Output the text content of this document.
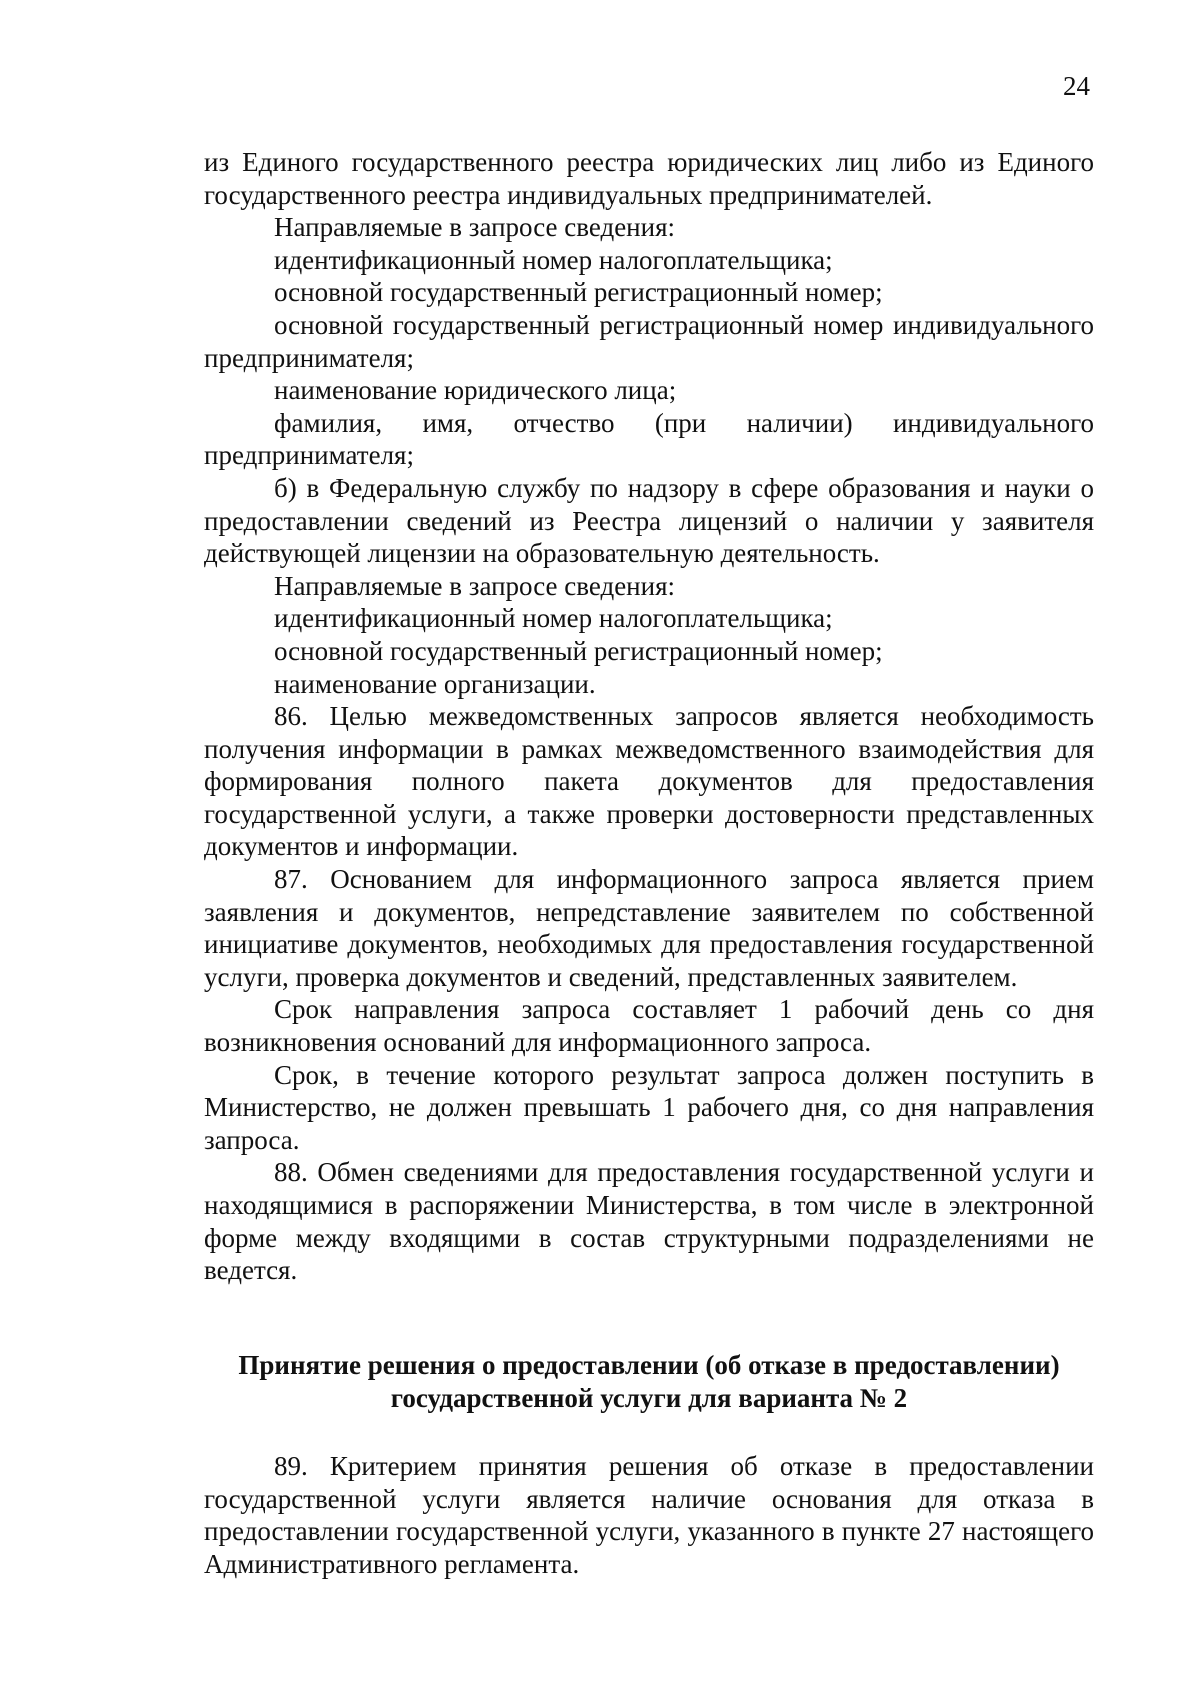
24

из Единого государственного реестра юридических лиц либо из Единого государственного реестра индивидуальных предпринимателей.

Направляемые в запросе сведения:

идентификационный номер налогоплательщика;

основной государственный регистрационный номер;

основной государственный регистрационный номер индивидуального предпринимателя;

наименование юридического лица;

фамилия, имя, отчество (при наличии) индивидуального предпринимателя;

б) в Федеральную службу по надзору в сфере образования и науки о предоставлении сведений из Реестра лицензий о наличии у заявителя действующей лицензии на образовательную деятельность.

Направляемые в запросе сведения:

идентификационный номер налогоплательщика;

основной государственный регистрационный номер;

наименование организации.

86. Целью межведомственных запросов является необходимость получения информации в рамках межведомственного взаимодействия для формирования полного пакета документов для предоставления государственной услуги, а также проверки достоверности представленных документов и информации.

87. Основанием для информационного запроса является прием заявления и документов, непредставление заявителем по собственной инициативе документов, необходимых для предоставления государственной услуги, проверка документов и сведений, представленных заявителем.

Срок направления запроса составляет 1 рабочий день со дня возникновения оснований для информационного запроса.

Срок, в течение которого результат запроса должен поступить в Министерство, не должен превышать 1 рабочего дня, со дня направления запроса.

88. Обмен сведениями для предоставления государственной услуги и находящимися в распоряжении Министерства, в том числе в электронной форме между входящими в состав структурными подразделениями не ведется.

Принятие решения о предоставлении (об отказе в предоставлении)
государственной услуги для варианта № 2

89. Критерием принятия решения об отказе в предоставлении государственной услуги является наличие основания для отказа в предоставлении государственной услуги, указанного в пункте 27 настоящего Административного регламента.
